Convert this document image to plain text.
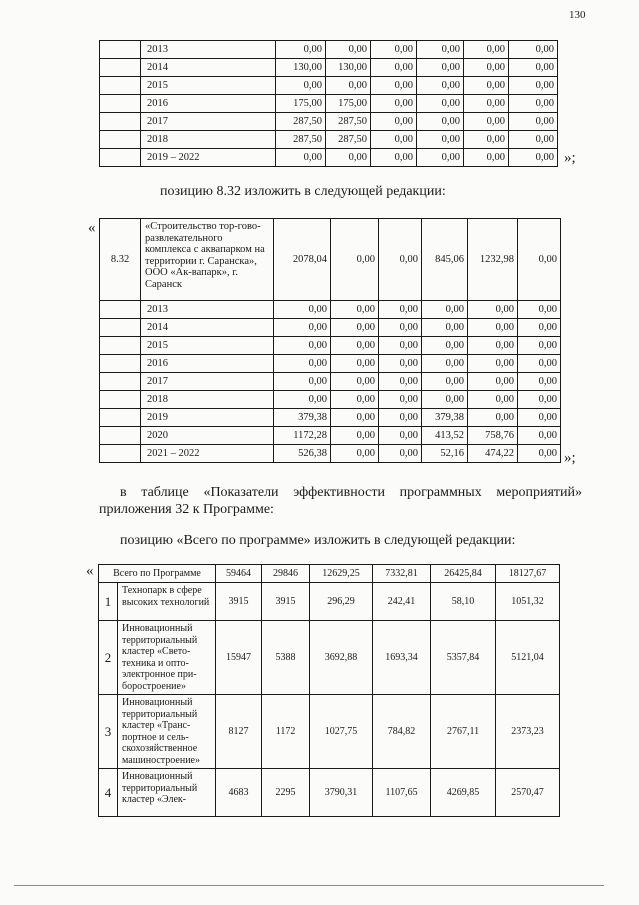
130
	2013	0,00	0,00	0,00	0,00	0,00	0,00
	2014	130,00	130,00	0,00	0,00	0,00	0,00
	2015	0,00	0,00	0,00	0,00	0,00	0,00
	2016	175,00	175,00	0,00	0,00	0,00	0,00
	2017	287,50	287,50	0,00	0,00	0,00	0,00
	2018	287,50	287,50	0,00	0,00	0,00	0,00
	2019 – 2022	0,00	0,00	0,00	0,00	0,00	0,00 »;

позицию 8.32 изложить в следующей редакции:

«
8.32	«Строительство тор-гово-развлекательного комплекса с аквапарком на территории г. Саранска», ООО «Ак-вапарк», г. Саранск	2078,04	0,00	0,00	845,06	1232,98	0,00
	2013	0,00	0,00	0,00	0,00	0,00	0,00
	2014	0,00	0,00	0,00	0,00	0,00	0,00
	2015	0,00	0,00	0,00	0,00	0,00	0,00
	2016	0,00	0,00	0,00	0,00	0,00	0,00
	2017	0,00	0,00	0,00	0,00	0,00	0,00
	2018	0,00	0,00	0,00	0,00	0,00	0,00
	2019	379,38	0,00	0,00	379,38	0,00	0,00
	2020	1172,28	0,00	0,00	413,52	758,76	0,00
	2021 – 2022	526,38	0,00	0,00	52,16	474,22	0,00 »;

в таблице «Показатели эффективности программных мероприятий» приложения 32 к Программе:

позицию «Всего по программе» изложить в следующей редакции:

« Всего по Программе		59464	29846	12629,25	7332,81	26425,84	18127,67
1	Технопарк в сфере высоких технологий	3915	3915	296,29	242,41	58,10	1051,32
2	Инновационный территориальный кластер «Свето-техника и опто-электронное при-боростроение»	15947	5388	3692,88	1693,34	5357,84	5121,04
3	Инновационный территориальный кластер «Транс-портное и сель-скохозяйственное машиностроение»	8127	1172	1027,75	784,82	2767,11	2373,23
4	Инновационный территориальный кластер «Элек-	4683	2295	3790,31	1107,65	4269,85	2570,47
